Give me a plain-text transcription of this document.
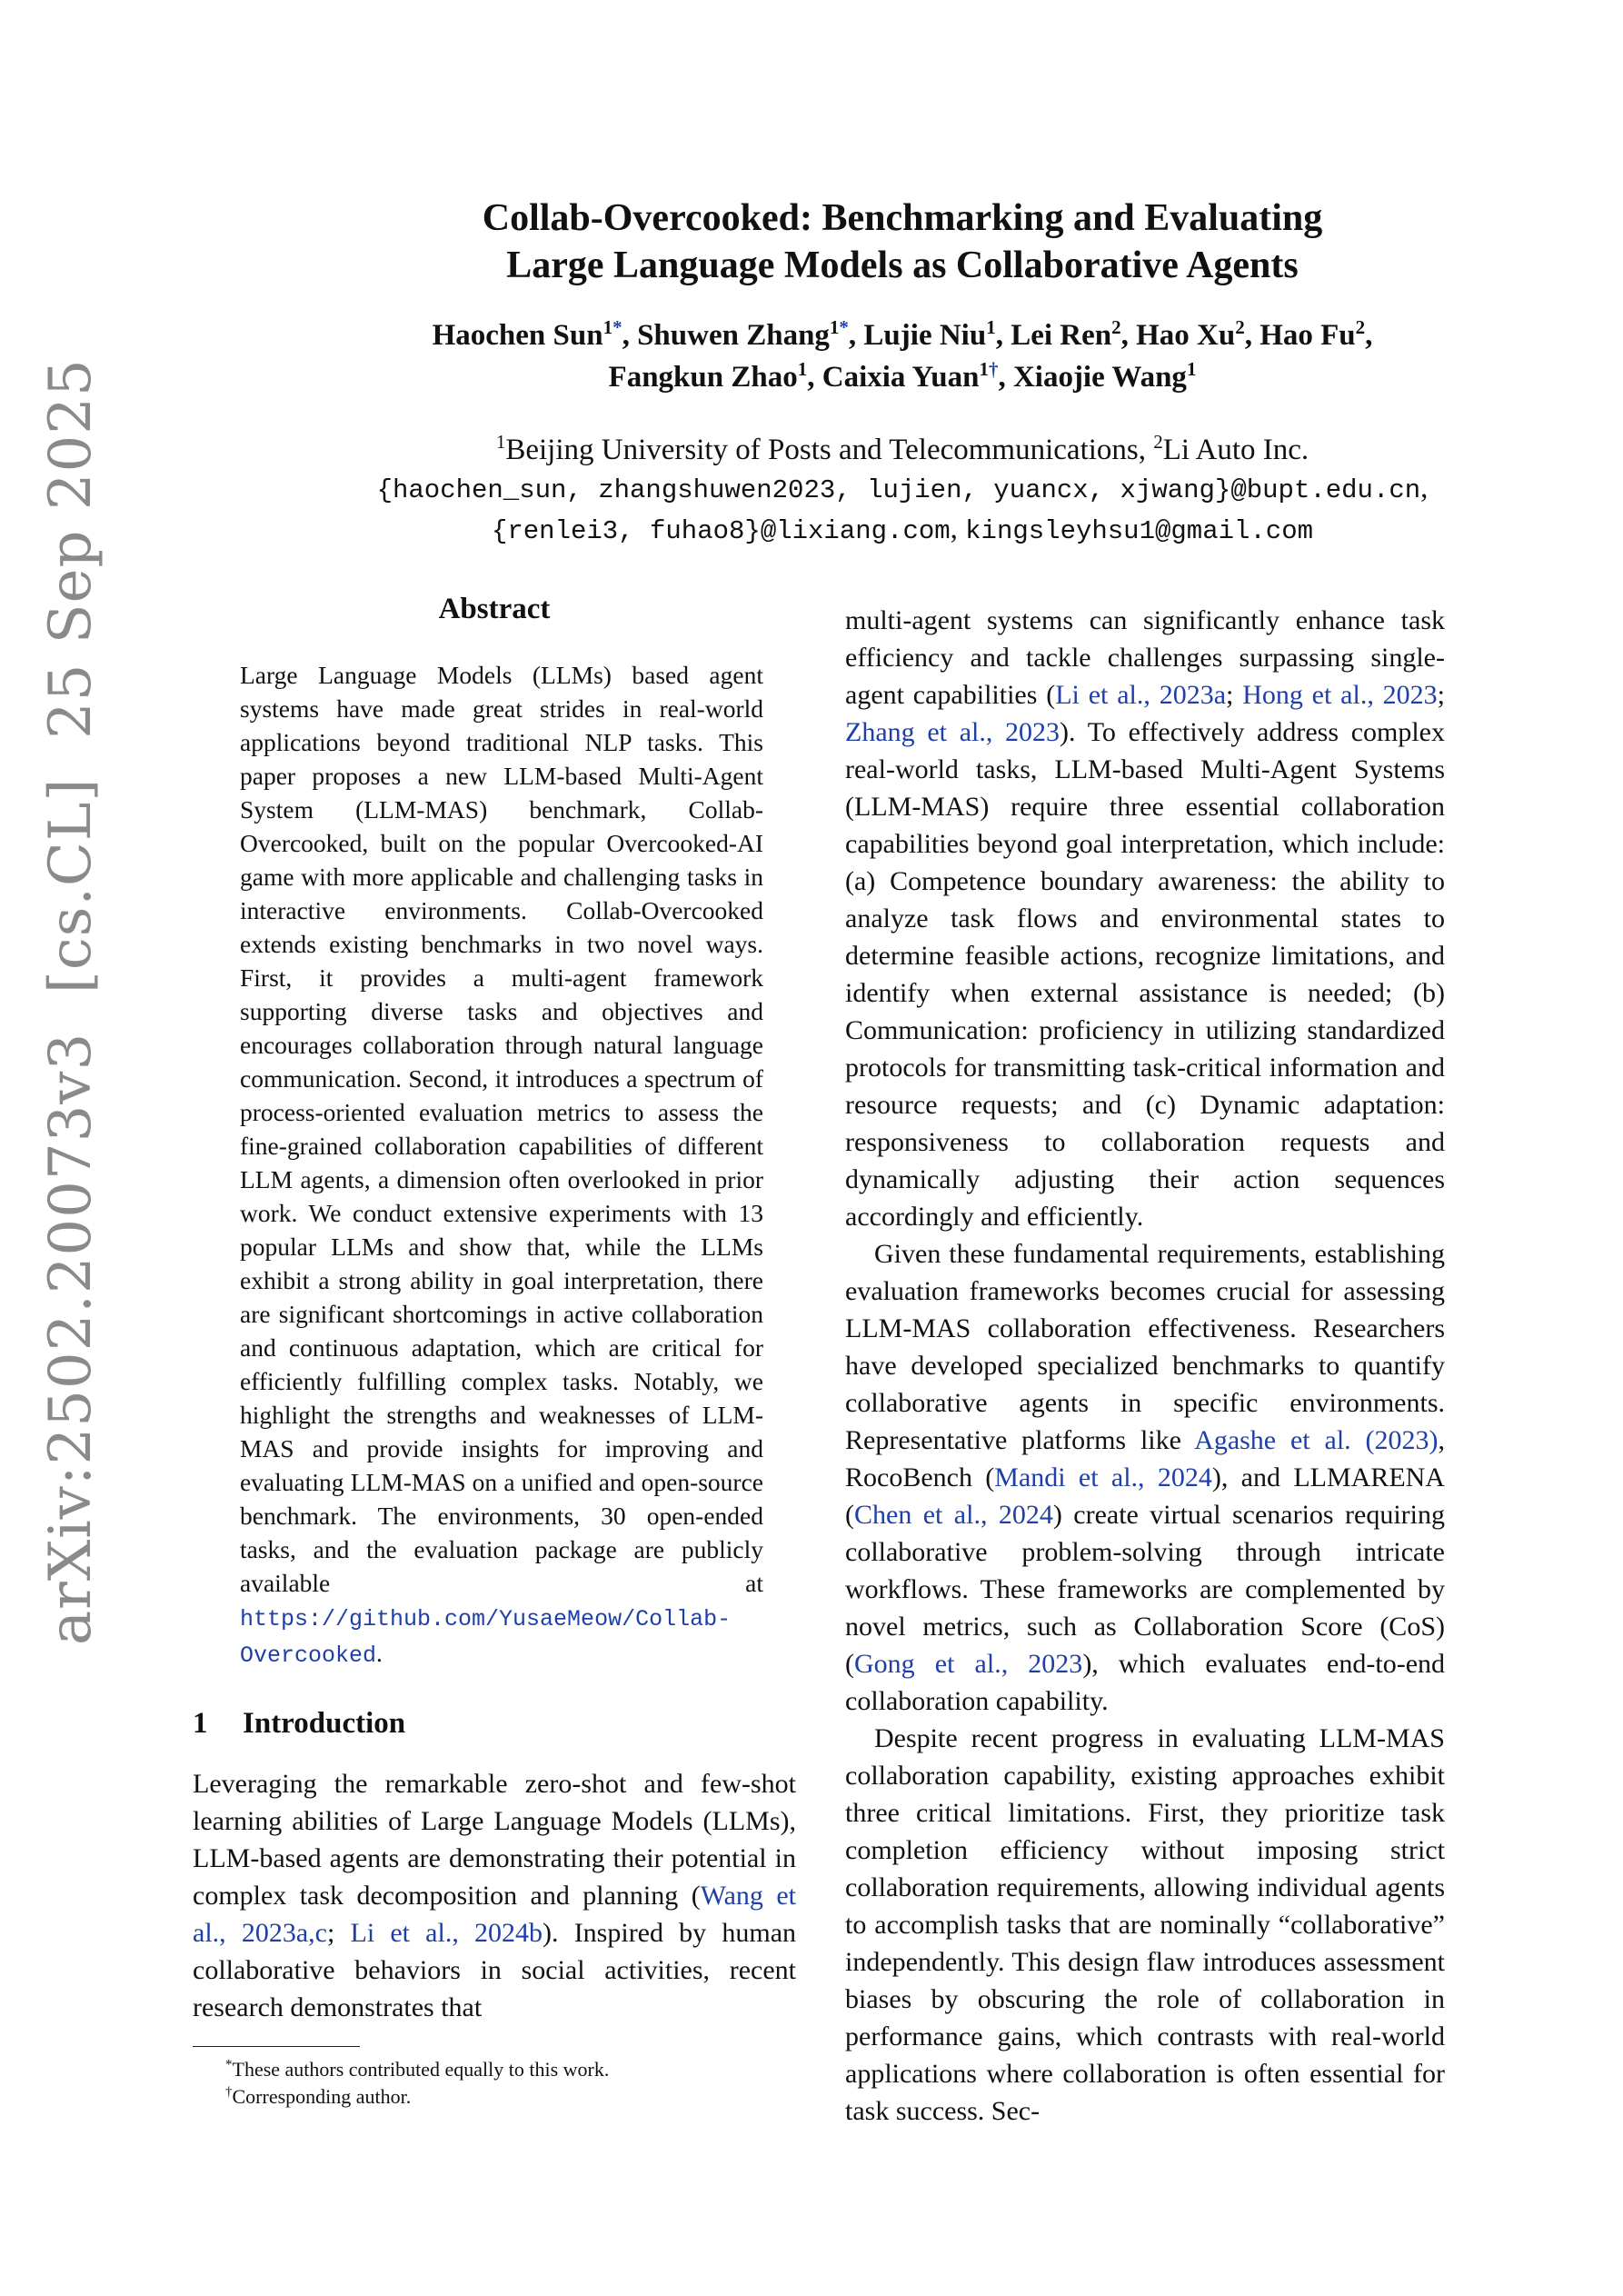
arXiv:2502.20073v3  [cs.CL]  25 Sep 2025
Collab-Overcooked: Benchmarking and Evaluating
Large Language Models as Collaborative Agents
Haochen Sun$^{1*}$, Shuwen Zhang$^{1*}$, Lujie Niu$^1$, Lei Ren$^2$, Hao Xu$^2$, Hao Fu$^2$,
Fangkun Zhao$^1$, Caixia Yuan$^{1\dagger}$, Xiaojie Wang$^1$
$^1$Beijing University of Posts and Telecommunications, $^2$Li Auto Inc.
{haochen_sun, zhangshuwen2023, lujien, yuancx, xjwang}@bupt.edu.cn,
{renlei3, fuhao8}@lixiang.com, kingsleyhsu1@gmail.com
Abstract
Large Language Models (LLMs) based agent systems have made great strides in real-world applications beyond traditional NLP tasks. This paper proposes a new LLM-based Multi-Agent System (LLM-MAS) benchmark, Collab-Overcooked, built on the popular Overcooked-AI game with more applicable and challenging tasks in interactive environments. Collab-Overcooked extends existing benchmarks in two novel ways. First, it provides a multi-agent framework supporting diverse tasks and objectives and encourages collaboration through natural language communication. Second, it introduces a spectrum of process-oriented evaluation metrics to assess the fine-grained collaboration capabilities of different LLM agents, a dimension often overlooked in prior work. We conduct extensive experiments with 13 popular LLMs and show that, while the LLMs exhibit a strong ability in goal interpretation, there are significant shortcomings in active collaboration and continuous adaptation, which are critical for efficiently fulfilling complex tasks. Notably, we highlight the strengths and weaknesses of LLM-MAS and provide insights for improving and evaluating LLM-MAS on a unified and open-source benchmark. The environments, 30 open-ended tasks, and the evaluation package are publicly available at https://github.com/YusaeMeow/Collab-Overcooked.
1 Introduction

Leveraging the remarkable zero-shot and few-shot learning abilities of Large Language Models (LLMs), LLM-based agents are demonstrating their potential in complex task decomposition and planning (Wang et al., 2023a,c; Li et al., 2024b). Inspired by human collaborative behaviors in social activities, recent research demonstrates that

*These authors contributed equally to this work.
†Corresponding author.

multi-agent systems can significantly enhance task efficiency and tackle challenges surpassing single-agent capabilities (Li et al., 2023a; Hong et al., 2023; Zhang et al., 2023). To effectively address complex real-world tasks, LLM-based Multi-Agent Systems (LLM-MAS) require three essential collaboration capabilities beyond goal interpretation, which include: (a) Competence boundary awareness: the ability to analyze task flows and environmental states to determine feasible actions, recognize limitations, and identify when external assistance is needed; (b) Communication: proficiency in utilizing standardized protocols for transmitting task-critical information and resource requests; and (c) Dynamic adaptation: responsiveness to collaboration requests and dynamically adjusting their action sequences accordingly and efficiently.

Given these fundamental requirements, establishing evaluation frameworks becomes crucial for assessing LLM-MAS collaboration effectiveness. Researchers have developed specialized benchmarks to quantify collaborative agents in specific environments. Representative platforms like Agashe et al. (2023), RocoBench (Mandi et al., 2024), and LLMARENA (Chen et al., 2024) create virtual scenarios requiring collaborative problem-solving through intricate workflows. These frameworks are complemented by novel metrics, such as Collaboration Score (CoS) (Gong et al., 2023), which evaluates end-to-end collaboration capability.

Despite recent progress in evaluating LLM-MAS collaboration capability, existing approaches exhibit three critical limitations. First, they prioritize task completion efficiency without imposing strict collaboration requirements, allowing individual agents to accomplish tasks that are nominally “collaborative” independently. This design flaw introduces assessment biases by obscuring the role of collaboration in performance gains, which contrasts with real-world applications where collaboration is often essential for task success. Sec-
